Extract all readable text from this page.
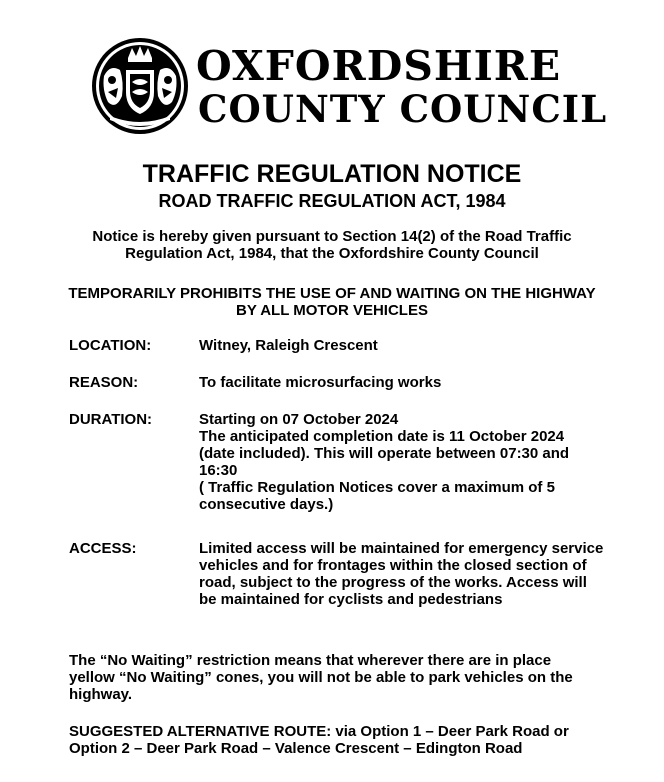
OXFORDSHIRE
COUNTY COUNCIL
TRAFFIC REGULATION NOTICE
ROAD TRAFFIC REGULATION ACT, 1984
Notice is hereby given pursuant to Section 14(2) of the Road Traffic
Regulation Act, 1984, that the Oxfordshire County Council
TEMPORARILY PROHIBITS THE USE OF AND WAITING ON THE HIGHWAY
BY ALL MOTOR VEHICLES
LOCATION:	Witney, Raleigh Crescent
REASON:	To facilitate microsurfacing works
DURATION:	Starting on 07 October 2024
The anticipated completion date is 11 October 2024
(date included). This will operate between 07:30 and
16:30
( Traffic Regulation Notices cover a maximum of 5
consecutive days.)
ACCESS:	Limited access will be maintained for emergency service
vehicles and for frontages within the closed section of
road, subject to the progress of the works. Access will
be maintained for cyclists and pedestrians
The “No Waiting” restriction means that wherever there are in place
yellow “No Waiting” cones, you will not be able to park vehicles on the
highway.
SUGGESTED ALTERNATIVE ROUTE: via Option 1 – Deer Park Road or
Option 2 – Deer Park Road – Valence Crescent – Edington Road
